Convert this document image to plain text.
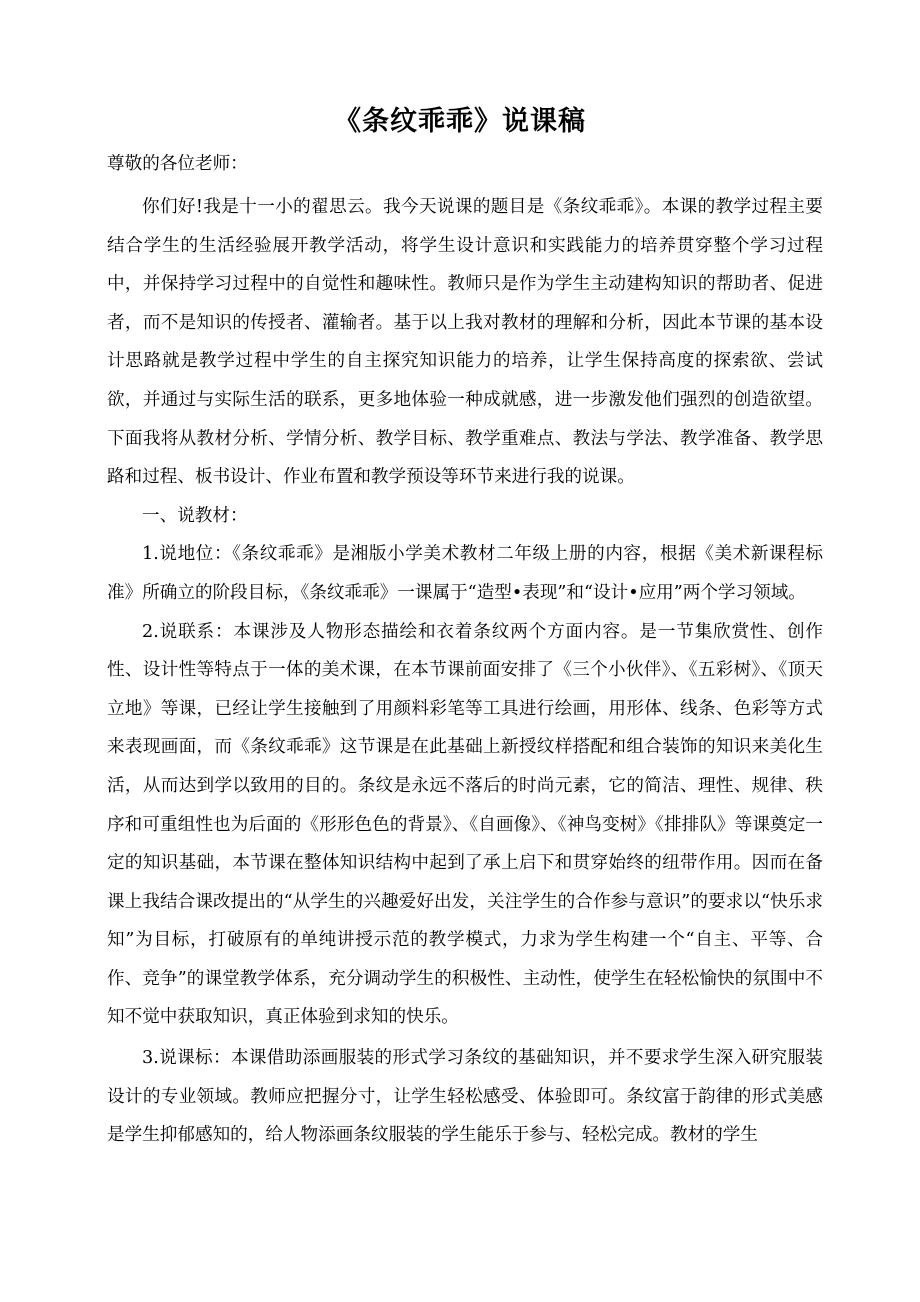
《条纹乖乖》说课稿
尊敬的各位老师：

你们好!我是十一小的翟思云。我今天说课的题目是《条纹乖乖》。本课的教学过程主要结合学生的生活经验展开教学活动，将学生设计意识和实践能力的培养贯穿整个学习过程中，并保持学习过程中的自觉性和趣味性。教师只是作为学生主动建构知识的帮助者、促进者，而不是知识的传授者、灌输者。基于以上我对教材的理解和分析，因此本节课的基本设计思路就是教学过程中学生的自主探究知识能力的培养，让学生保持高度的探索欲、尝试欲，并通过与实际生活的联系，更多地体验一种成就感，进一步激发他们强烈的创造欲望。下面我将从教材分析、学情分析、教学目标、教学重难点、教法与学法、教学准备、教学思路和过程、板书设计、作业布置和教学预设等环节来进行我的说课。

一、说教材：

1.说地位：《条纹乖乖》是湘版小学美术教材二年级上册的内容，根据《美术新课程标准》所确立的阶段目标，《条纹乖乖》一课属于“造型•表现”和“设计•应用”两个学习领域。

2.说联系：本课涉及人物形态描绘和衣着条纹两个方面内容。是一节集欣赏性、创作性、设计性等特点于一体的美术课，在本节课前面安排了《三个小伙伴》、《五彩树》、《顶天立地》等课，已经让学生接触到了用颜料彩笔等工具进行绘画，用形体、线条、色彩等方式来表现画面，而《条纹乖乖》这节课是在此基础上新授纹样搭配和组合装饰的知识来美化生活，从而达到学以致用的目的。条纹是永远不落后的时尚元素，它的简洁、理性、规律、秩序和可重组性也为后面的《形形色色的背景》、《自画像》、《神鸟变树》《排排队》等课奠定一定的知识基础，本节课在整体知识结构中起到了承上启下和贯穿始终的纽带作用。因而在备课上我结合课改提出的“从学生的兴趣爱好出发，关注学生的合作参与意识”的要求以“快乐求知”为目标，打破原有的单纯讲授示范的教学模式，力求为学生构建一个“自主、平等、合作、竞争”的课堂教学体系，充分调动学生的积极性、主动性，使学生在轻松愉快的氛围中不知不觉中获取知识，真正体验到求知的快乐。

3.说课标：本课借助添画服装的形式学习条纹的基础知识，并不要求学生深入研究服装设计的专业领域。教师应把握分寸，让学生轻松感受、体验即可。条纹富于韵律的形式美感是学生抑郁感知的，给人物添画条纹服装的学生能乐于参与、轻松完成。教材的学生
